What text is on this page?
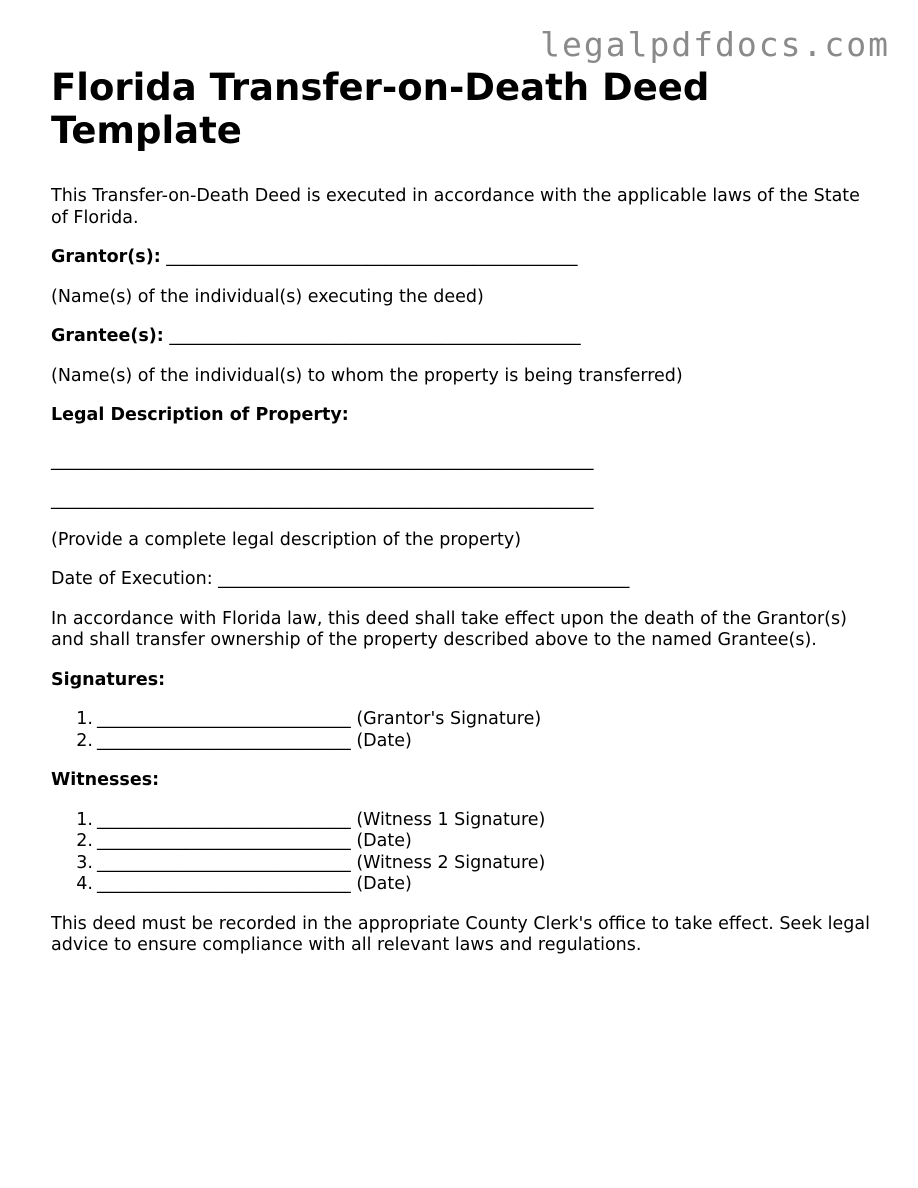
legalpdfdocs.com
Florida Transfer-on-Death Deed Template

This Transfer-on-Death Deed is executed in accordance with the applicable laws of the State of Florida.

Grantor(s): _______________________________________________

(Name(s) of the individual(s) executing the deed)

Grantee(s): _______________________________________________

(Name(s) of the individual(s) to whom the property is being transferred)

Legal Description of Property:

______________________________________________________________

______________________________________________________________

(Provide a complete legal description of the property)

Date of Execution: _______________________________________________

In accordance with Florida law, this deed shall take effect upon the death of the Grantor(s) and shall transfer ownership of the property described above to the named Grantee(s).

Signatures:

1. _____________________________ (Grantor's Signature)
2. _____________________________ (Date)

Witnesses:

1. _____________________________ (Witness 1 Signature)
2. _____________________________ (Date)
3. _____________________________ (Witness 2 Signature)
4. _____________________________ (Date)

This deed must be recorded in the appropriate County Clerk's office to take effect. Seek legal advice to ensure compliance with all relevant laws and regulations.
